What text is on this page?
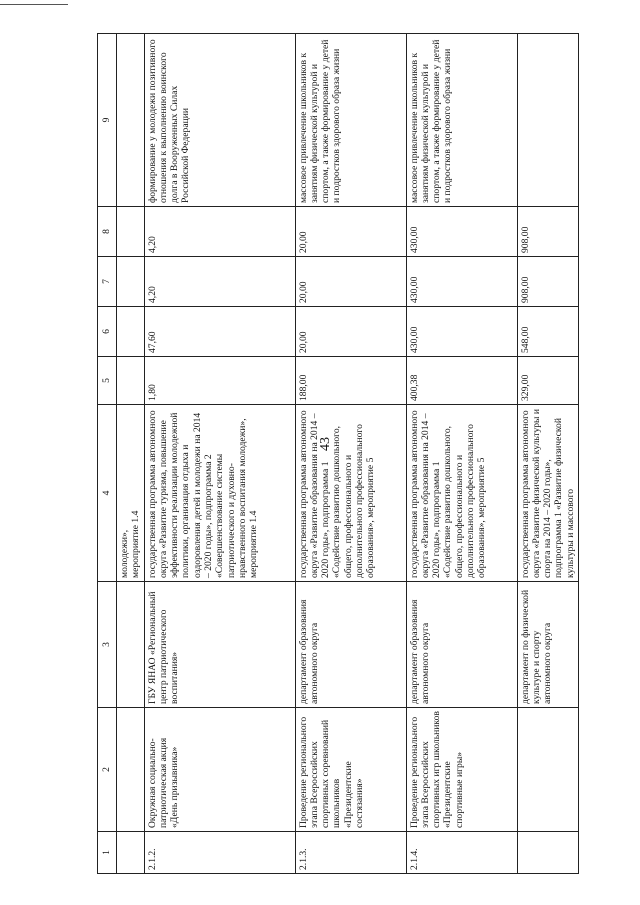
43
1	2	3	4	5	6	7	8	9
			молодежи»,
мероприятие 1.4					
2.1.2.	Окружная социально-патриотическая акция «День призывника»	ГБУ ЯНАО «Региональный центр патриотического воспитания»	государственная программа автономного округа «Развитие туризма, повышение эффективности реализации молодежной политики, организация отдыха и оздоровления детей и молодежи на 2014 – 2020 годы», подпрограмма 2 «Совершенствование системы патриотического и духовно-нравственного воспитания молодежи», мероприятие 1.4	1,80	47,60	4,20	4,20	формирование у молодежи позитивного отношения к выполнению воинского долга в Вооруженных Силах Российской Федерации
2.1.3.	Проведение регионального этапа Всероссийских спортивных соревнований школьников «Президентские состязания»	департамент образования автономного округа	государственная программа автономного округа «Развитие образования на 2014 – 2020 годы», подпрограмма 1 «Содействие развитию дошкольного, общего, профессионального и дополнительного профессионального образования», мероприятие 5	188,00	20,00	20,00	20,00	массовое привлечение школьников к занятиям физической культурой и спортом, а также формирование у детей и подростков здорового образа жизни
2.1.4.	Проведение регионального этапа Всероссийских спортивных игр школьников «Президентские спортивные игры»	департамент образования автономного округа	государственная программа автономного округа «Развитие образования на 2014 – 2020 годы», подпрограмма 1 «Содействие развитию дошкольного, общего, профессионального и дополнительного профессионального образования», мероприятие 5	400,38	430,00	430,00	430,00	массовое привлечение школьников к занятиям физической культурой и спортом, а также формирование у детей и подростков здорового образа жизни
		департамент по физической культуре и спорту автономного округа	государственная программа автономного округа «Развитие физической культуры и спорта на 2014 – 2020 годы», подпрограмма 1 «Развитие физической культуры и массового	329,00	548,00	908,00	908,00	
